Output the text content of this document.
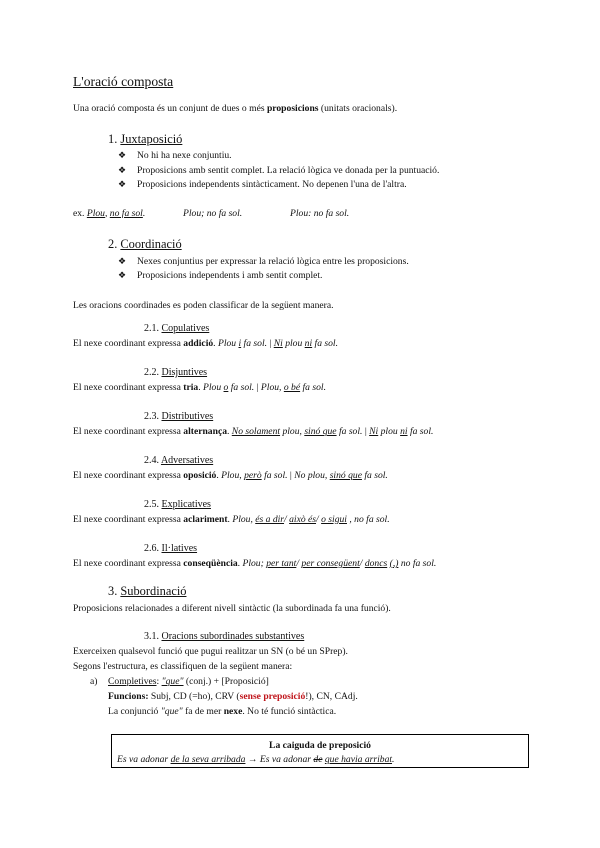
L'oració composta
Una oració composta és un conjunt de dues o més proposicions (unitats oracionals).
1. Juxtaposició
❖ No hi ha nexe conjuntiu.
❖ Proposicions amb sentit complet. La relació lògica ve donada per la puntuació.
❖ Proposicions independents sintàcticament. No depenen l'una de l'altra.
ex. Plou, no fa sol.	Plou; no fa sol.	Plou: no fa sol.
2. Coordinació
❖ Nexes conjuntius per expressar la relació lògica entre les proposicions.
❖ Proposicions independents i amb sentit complet.
Les oracions coordinades es poden classificar de la següent manera.
2.1. Copulatives
El nexe coordinant expressa addició. Plou i fa sol. | Ni plou ni fa sol.
2.2. Disjuntives
El nexe coordinant expressa tria. Plou o fa sol. | Plou, o bé fa sol.
2.3. Distributives
El nexe coordinant expressa alternança. No solament plou, sinó que fa sol. | Ni plou ni fa sol.
2.4. Adversatives
El nexe coordinant expressa oposició. Plou, però fa sol. | No plou, sinó que fa sol.
2.5. Explicatives
El nexe coordinant expressa aclariment. Plou, és a dir/ això és/ o sigui , no fa sol.
2.6. Il·latives
El nexe coordinant expressa conseqüència. Plou; per tant/ per consegüent/ doncs (,) no fa sol.
3. Subordinació
Proposicions relacionades a diferent nivell sintàctic (la subordinada fa una funció).
3.1. Oracions subordinades substantives
Exerceixen qualsevol funció que pugui realitzar un SN (o bé un SPrep).
Segons l'estructura, es classifiquen de la següent manera:
a) Completives: "que" (conj.) + [Proposició]
Funcions: Subj, CD (=ho), CRV (sense preposició!), CN, CAdj.
La conjunció "que" fa de mer nexe. No té funció sintàctica.
La caiguda de preposició
Es va adonar de la seva arribada → Es va adonar de que havia arribat.
